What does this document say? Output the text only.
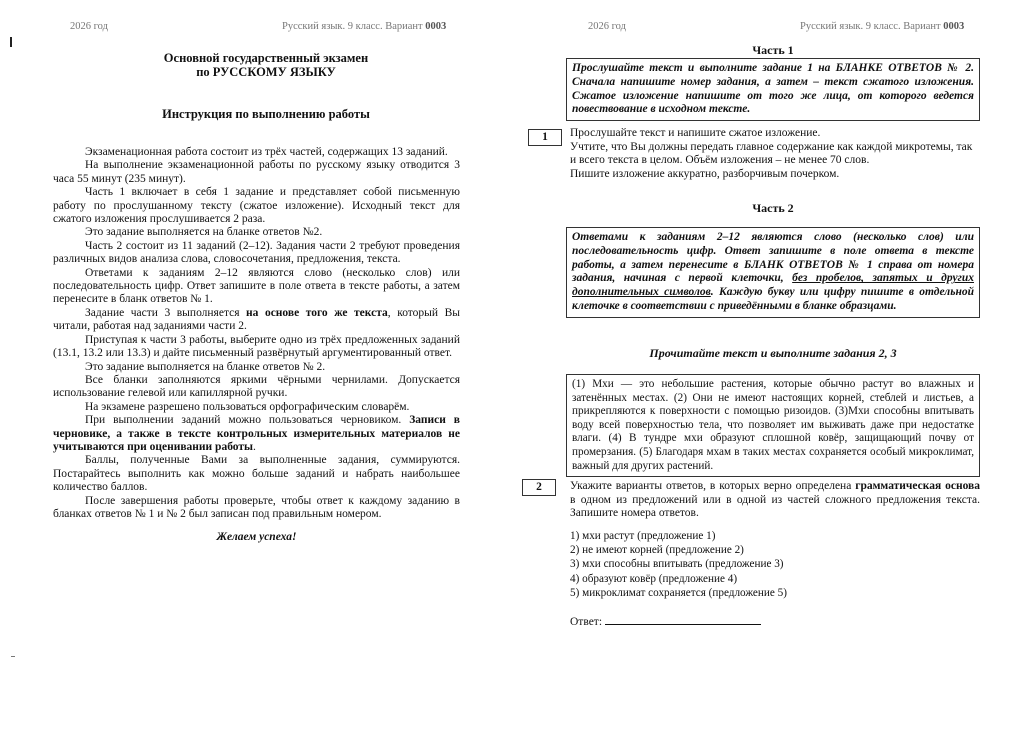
2026 год	Русский язык. 9 класс. Вариант 0003
Основной государственный экзамен
по РУССКОМУ ЯЗЫКУ
Инструкция по выполнению работы

Экзаменационная работа состоит из трёх частей, содержащих 13 заданий.

На выполнение экзаменационной работы по русскому языку отводится 3 часа 55 минут (235 минут).

Часть 1 включает в себя 1 задание и представляет собой письменную работу по прослушанному тексту (сжатое изложение). Исходный текст для сжатого изложения прослушивается 2 раза.

Это задание выполняется на бланке ответов №2.

Часть 2 состоит из 11 заданий (2–12). Задания части 2 требуют проведения различных видов анализа слова, словосочетания, предложения, текста.

Ответами к заданиям 2–12 являются слово (несколько слов) или последовательность цифр. Ответ запишите в поле ответа в тексте работы, а затем перенесите в бланк ответов № 1.

Задание части 3 выполняется на основе того же текста, который Вы читали, работая над заданиями части 2.

Приступая к части 3 работы, выберите одно из трёх предложенных заданий (13.1, 13.2 или 13.3) и дайте письменный развёрнутый аргументированный ответ.

Это задание выполняется на бланке ответов № 2.

Все бланки заполняются яркими чёрными чернилами. Допускается использование гелевой или капиллярной ручки.

На экзамене разрешено пользоваться орфографическим словарём.

При выполнении заданий можно пользоваться черновиком. Записи в черновике, а также в тексте контрольных измерительных материалов не учитываются при оценивании работы.

Баллы, полученные Вами за выполненные задания, суммируются. Постарайтесь выполнить как можно больше заданий и набрать наибольшее количество баллов.

После завершения работы проверьте, чтобы ответ к каждому заданию в бланках ответов № 1 и № 2 был записан под правильным номером.

Желаем успеха!

2026 год	Русский язык. 9 класс. Вариант 0003
Часть 1
Прослушайте текст и выполните задание 1 на БЛАНКЕ ОТВЕТОВ № 2. Сначала напишите номер задания, а затем – текст сжатого изложения. Сжатое изложение напишите от того же лица, от которого ведется повествование в исходном тексте.
1	Прослушайте текст и напишите сжатое изложение.

Учтите, что Вы должны передать главное содержание как каждой микротемы, так и всего текста в целом. Объём изложения – не менее 70 слов.

Пишите изложение аккуратно, разборчивым почерком.

Часть 2
Ответами к заданиям 2–12 являются слово (несколько слов) или последовательность цифр. Ответ запишите в поле ответа в тексте работы, а затем перенесите в БЛАНК ОТВЕТОВ № 1 справа от номера задания, начиная с первой клеточки, без пробелов, запятых и других дополнительных символов. Каждую букву или цифру пишите в отдельной клеточке в соответствии с приведёнными в бланке образцами.
Прочитайте текст и выполните задания 2, 3
(1) Мхи — это небольшие растения, которые обычно растут во влажных и затенённых местах. (2) Они не имеют настоящих корней, стеблей и листьев, а прикрепляются к поверхности с помощью ризоидов. (3)Мхи способны впитывать воду всей поверхностью тела, что позволяет им выживать даже при недостатке влаги. (4) В тундре мхи образуют сплошной ковёр, защищающий почву от промерзания. (5) Благодаря мхам в таких местах сохраняется особый микроклимат, важный для других растений.
2	Укажите варианты ответов, в которых верно определена грамматическая основа в одном из предложений или в одной из частей сложного предложения текста. Запишите номера ответов.
1) мхи растут (предложение 1)
2) не имеют корней (предложение 2)
3) мхи способны впитывать (предложение 3)
4) образуют ковёр (предложение 4)
5) микроклимат сохраняется (предложение 5)
Ответ:
